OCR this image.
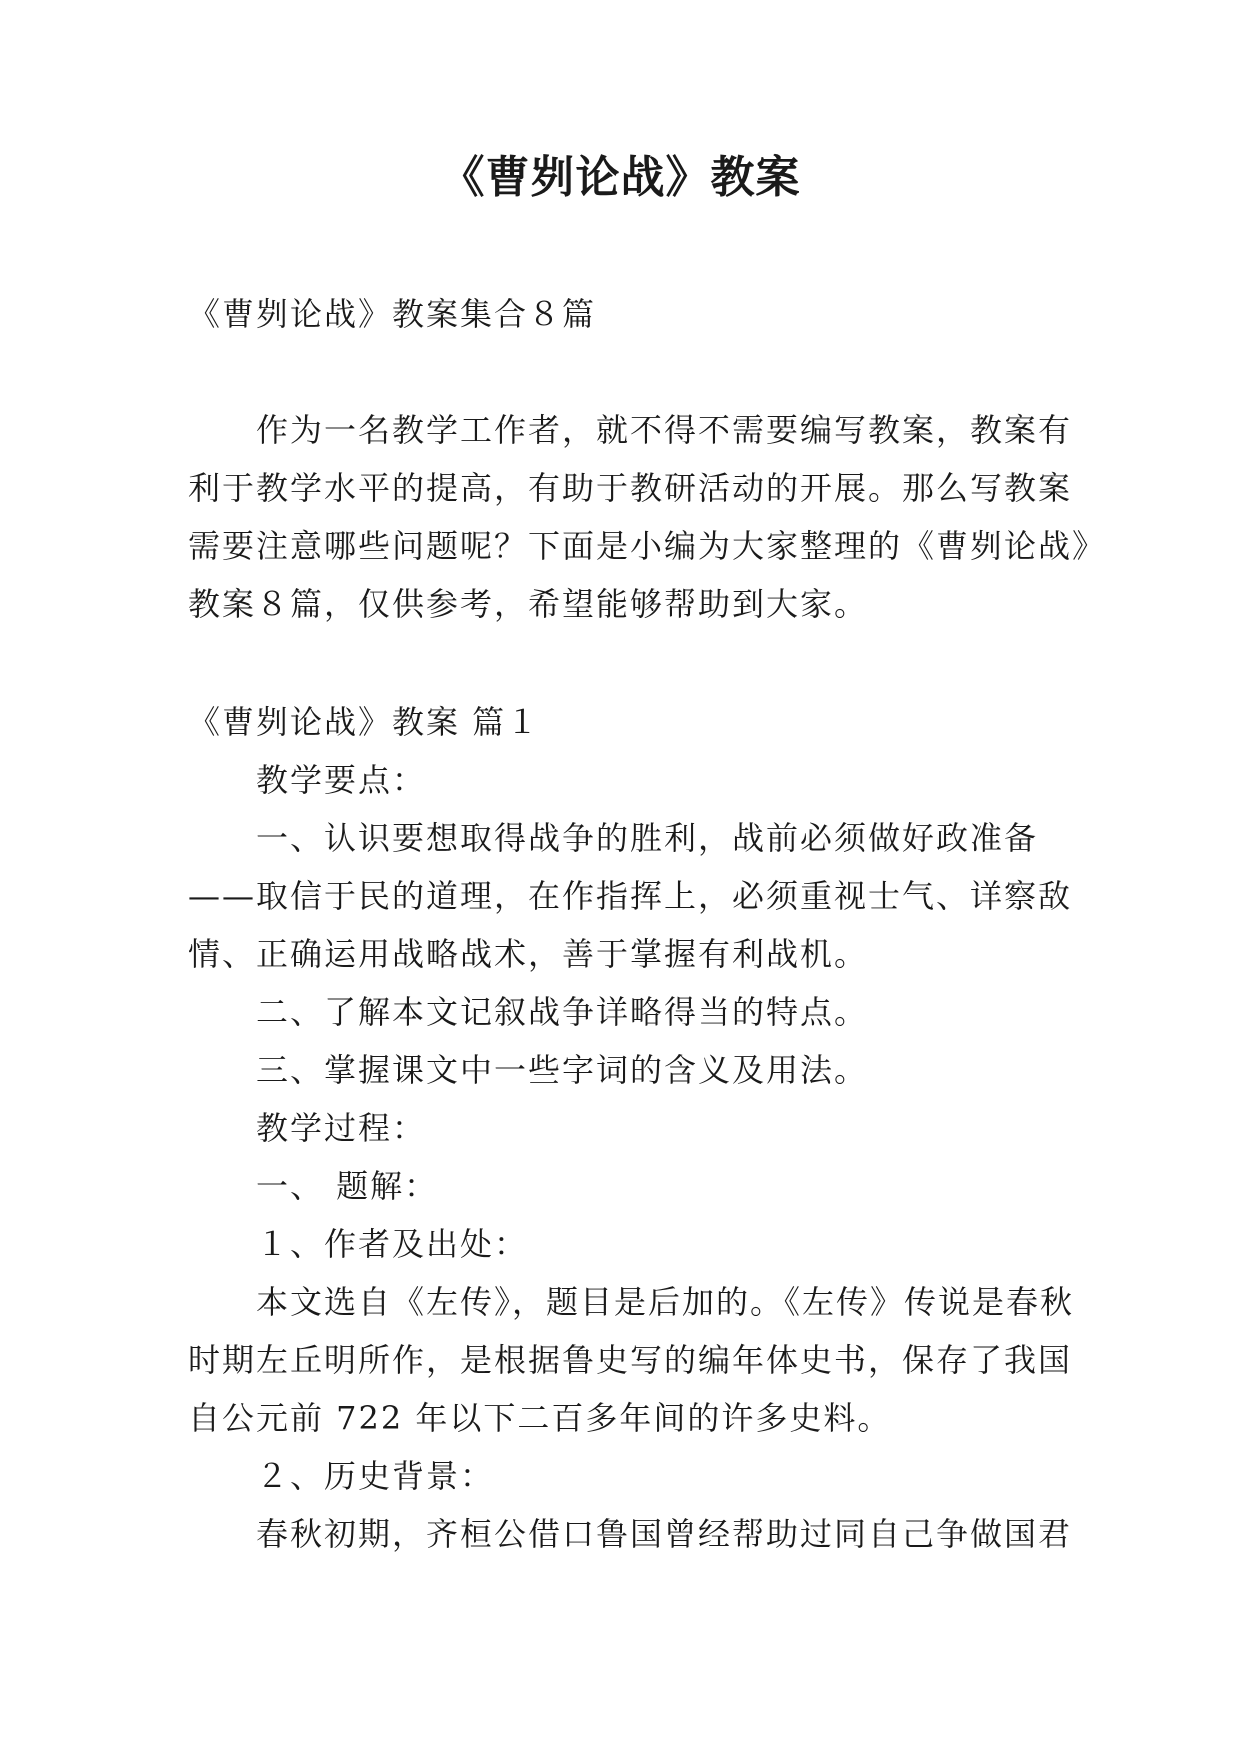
《曹刿论战》教案
《曹刿论战》教案集合８篇
作为一名教学工作者，就不得不需要编写教案，教案有
利于教学水平的提高，有助于教研活动的开展。那么写教案
需要注意哪些问题呢？下面是小编为大家整理的《曹刿论战》
教案８篇，仅供参考，希望能够帮助到大家。
《曹刿论战》教案 篇１
教学要点：
一、认识要想取得战争的胜利，战前必须做好政准备
——取信于民的道理，在作指挥上，必须重视士气、详察敌
情、正确运用战略战术，善于掌握有利战机。
二、了解本文记叙战争详略得当的特点。
三、掌握课文中一些字词的含义及用法。
教学过程：
一、 题解：
１、作者及出处：
本文选自《左传》，题目是后加的。《左传》传说是春秋
时期左丘明所作，是根据鲁史写的编年体史书，保存了我国
自公元前 722 年以下二百多年间的许多史料。
２、历史背景：
春秋初期，齐桓公借口鲁国曾经帮助过同自己争做国君
